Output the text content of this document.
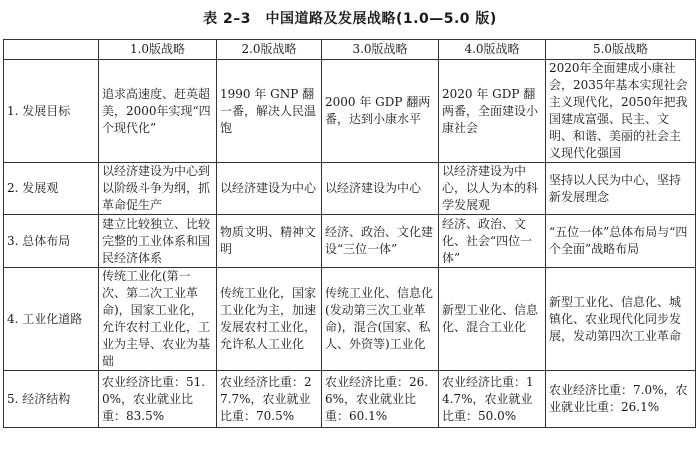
表 2–3　中国道路及发展战略(1.0—5.0 版)
	1.0版战略	2.0版战略	3.0版战略	4.0版战略	5.0版战略
1. 发展目标	追求高速度、赶英超美，2000年实现“四个现代化”	1990 年 GNP 翻一番，解决人民温饱	2000 年 GDP 翻两番，达到小康水平	2020 年 GDP 翻两番，全面建设小康社会	2020年全面建成小康社会，2035年基本实现社会主义现代化，2050年把我国建成富强、民主、文明、和谐、美丽的社会主义现代化强国
2. 发展观	以经济建设为中心到以阶级斗争为纲，抓革命促生产	以经济建设为中心	以经济建设为中心	以经济建设为中心，以人为本的科学发展观	坚持以人民为中心，坚持新发展理念
3. 总体布局	建立比较独立、比较完整的工业体系和国民经济体系	物质文明、精神文明	经济、政治、文化建设“三位一体”	经济、政治、文化、社会“四位一体”	“五位一体”总体布局与“四个全面”战略布局
4. 工业化道路	传统工业化(第一次、第二次工业革命)，国家工业化，允许农村工业化，工业为主导、农业为基础	传统工业化，国家工业化为主，加速发展农村工业化，允许私人工业化	传统工业化、信息化(发动第三次工业革命)，混合(国家、私人、外资等)工业化	新型工业化、信息化、混合工业化	新型工业化、信息化、城镇化、农业现代化同步发展，发动第四次工业革命
5. 经济结构	农业经济比重：51.0%，农业就业比重：83.5%	农业经济比重：27.7%，农业就业比重：70.5%	农业经济比重：26.6%，农业就业比重：60.1%	农业经济比重：14.7%，农业就业比重：50.0%	农业经济比重：7.0%，农业就业比重：26.1%
